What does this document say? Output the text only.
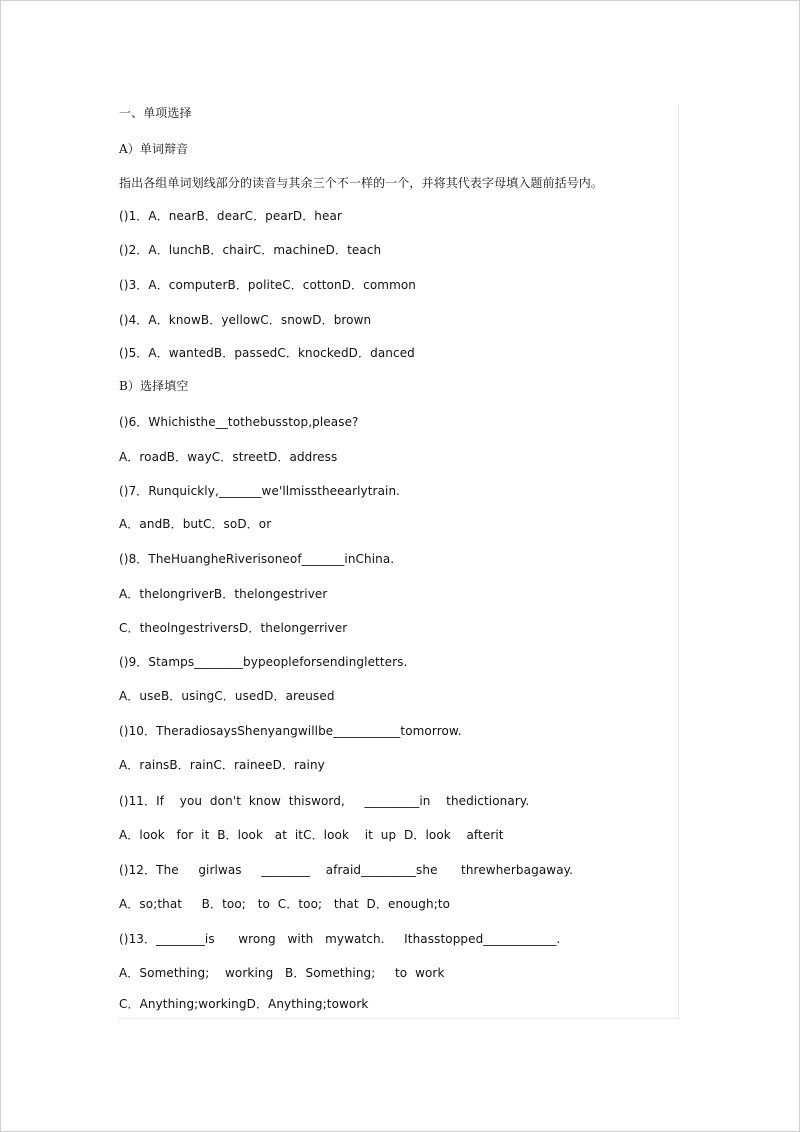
一、单项选择
A）单词辩音
指出各组单词划线部分的读音与其余三个不一样的一个，并将其代表字母填入题前括号内。
()1．A．nearB．dearC．pearD．hear
()2．A．lunchB．chairC．machineD．teach
()3．A．computerB．politeC．cottonD．common
()4．A．knowB．yellowC．snowD．brown
()5．A．wantedB．passedC．knockedD．danced
B）选择填空
()6．Whichisthe__tothebusstop,please?
A．roadB．wayC．streetD．address
()7．Runquickly,_______we'llmisstheearlytrain.
A．andB．butC．soD．or
()8．TheHuangheRiverisoneof_______inChina.
A．thelongriverB．thelongestriver
C．theolngestriversD．thelongerriver
()9．Stamps________bypeopleforsendingletters.
A．useB．usingC．usedD．areused
()10．TheradiosaysShenyangwillbe___________tomorrow.
A．rainsB．rainC．raineeD．rainy
()11．If    you  don't  know  thisword,     _________in    thedictionary.
A．look   for  it  B．look   at  itC．look    it  up  D．look    afterit
()12．The     girlwas     ________    afraid_________she      threwherbagaway.
A．so;that     B．too;   to  C．too;   that  D．enough;to
()13．________is      wrong   with   mywatch.     Ithasstopped____________.
A．Something;    working   B．Something;     to  work
C．Anything;workingD．Anything;towork
